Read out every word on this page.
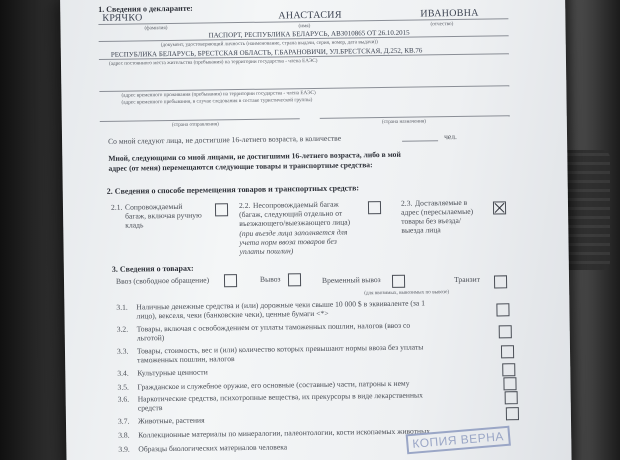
1. Сведения о декларанте:
КРЯЧКО	АНАСТАСИЯ	ИВАНОВНА
(фамилия)	(имя)	(отчество)
ПАСПОРТ, РЕСПУБЛИКА БЕЛАРУСЬ, АВ3010865 ОТ 26.10.2015
(документ, удостоверяющий личность (наименование, страна выдачи, серия, номер, дата выдачи))
РЕСПУБЛИКА БЕЛАРУСЬ, БРЕСТСКАЯ ОБЛАСТЬ, Г.БАРАНОВИЧИ, УЛ.БРЕСТСКАЯ, Д.252, КВ.76
(адрес постоянного места жительства (пребывания) на территории государства - члена ЕАЭС)
(адрес временного проживания (пребывания) на территории государства - члена ЕАЭС)
(адрес временного пребывания, в случае следования в составе туристической группы)
(страна отправления)	(страна назначения)
Со мной следуют лица, не достигшие 16-летнего возраста, в количестве	чел.
Мной, следующими со мной лицами, не достигшими 16-летнего возраста, либо в мой
адрес (от меня) перемещаются следующие товары и транспортные средства:
2. Сведения о способе перемещения товаров и транспортных средств:
2.1. Сопровождаемый
багаж, включая ручную
кладь
2.2. Несопровождаемый багаж
(багаж, следующий отдельно от
въезжающего/выезжающего лица)
(при въезде лица заполняется для
учета норм ввоза товаров без
уплаты пошлин)
2.3. Доставляемые в
адрес (пересылаемые)
товары без въезда/
выезда лица
3. Сведения о товарах:
Ввоз (свободное обращение)	Вывоз	Временный вывоз	Транзит
(для ввозимых, вывозимых по вывозе)
3.1. Наличные денежные средства и (или) дорожные чеки свыше 10 000 $ в эквиваленте (за 1
лицо), векселя, чеки (банковские чеки), ценные бумаги <*>
3.2. Товары, включая с освобождением от уплаты таможенных пошлин, налогов (ввоз со
льготой)
3.3. Товары, стоимость, вес и (или) количество которых превышают нормы ввоза без уплаты
таможенных пошлин, налогов
3.4. Культурные ценности
3.5. Гражданское и служебное оружие, его основные (составные) части, патроны к нему
3.6. Наркотические средства, психотропные вещества, их прекурсоры в виде лекарственных
средств
3.7. Животные, растения
3.8. Коллекционные материалы по минералогии, палеонтологии, кости ископаемых животных
3.9. Образцы биологических материалов человека	КОПИЯ ВЕРНА
